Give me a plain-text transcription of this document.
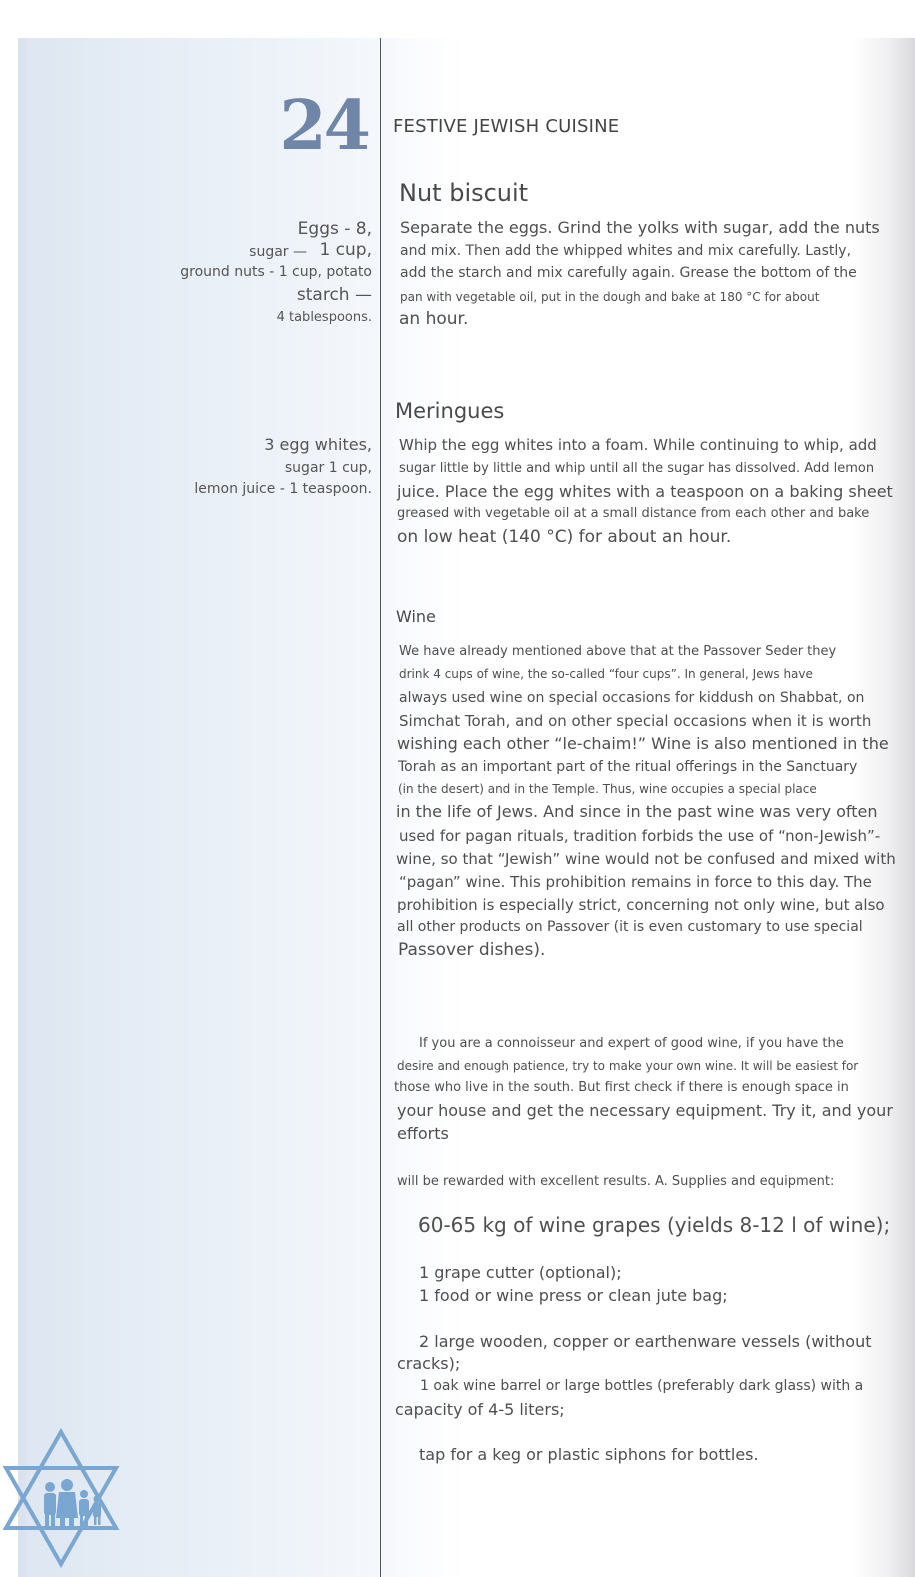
24 FESTIVE JEWISH CUISINE
Nut biscuit
Eggs - 8,
sugar — 1 cup,
ground nuts - 1 cup, potato
starch —
4 tablespoons.
Separate the eggs. Grind the yolks with sugar, add the nuts
and mix. Then add the whipped whites and mix carefully. Lastly,
add the starch and mix carefully again. Grease the bottom of the
pan with vegetable oil, put in the dough and bake at 180 °C for about
an hour.
Meringues
3 egg whites,
sugar 1 cup,
lemon juice - 1 teaspoon.
Whip the egg whites into a foam. While continuing to whip, add
sugar little by little and whip until all the sugar has dissolved. Add lemon
juice. Place the egg whites with a teaspoon on a baking sheet
greased with vegetable oil at a small distance from each other and bake
on low heat (140 °C) for about an hour.
Wine
We have already mentioned above that at the Passover Seder they
drink 4 cups of wine, the so-called “four cups”. In general, Jews have
always used wine on special occasions for kiddush on Shabbat, on
Simchat Torah, and on other special occasions when it is worth
wishing each other “le-chaim!” Wine is also mentioned in the
Torah as an important part of the ritual offerings in the Sanctuary
(in the desert) and in the Temple. Thus, wine occupies a special place
in the life of Jews. And since in the past wine was very often
used for pagan rituals, tradition forbids the use of “non-Jewish”-
wine, so that “Jewish” wine would not be confused and mixed with
“pagan” wine. This prohibition remains in force to this day. The
prohibition is especially strict, concerning not only wine, but also
all other products on Passover (it is even customary to use special
Passover dishes).
If you are a connoisseur and expert of good wine, if you have the
desire and enough patience, try to make your own wine. It will be easiest for
those who live in the south. But first check if there is enough space in
your house and get the necessary equipment. Try it, and your
efforts
will be rewarded with excellent results. A. Supplies and equipment:
60-65 kg of wine grapes (yields 8-12 l of wine);
1 grape cutter (optional);
1 food or wine press or clean jute bag;
2 large wooden, copper or earthenware vessels (without
cracks);
1 oak wine barrel or large bottles (preferably dark glass) with a
capacity of 4-5 liters;
tap for a keg or plastic siphons for bottles.
